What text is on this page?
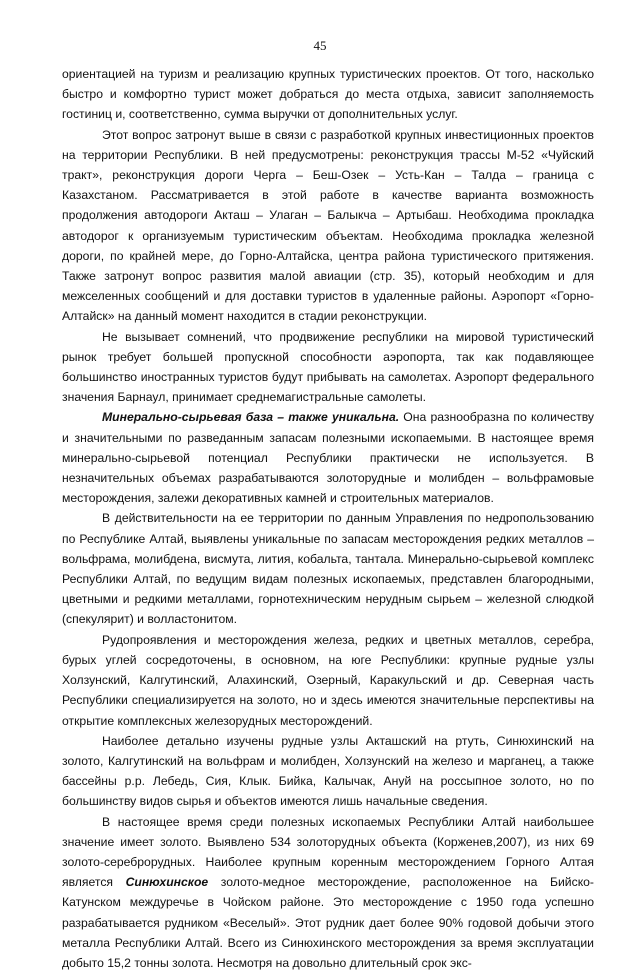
45

ориентацией на туризм и реализацию крупных туристических проектов. От того, насколько быстро и комфортно турист может добраться до места отдыха, зависит заполняемость гостиниц и, соответственно, сумма выручки от дополнительных услуг.

Этот вопрос затронут выше в связи с разработкой крупных инвестиционных проектов на территории Республики. В ней предусмотрены: реконструкция трассы М-52 «Чуйский тракт», реконструкция дороги Черга – Беш-Озек – Усть-Кан – Талда – граница с Казахстаном. Рассматривается в этой работе в качестве варианта возможность продолжения автодороги Акташ – Улаган – Балыкча – Артыбаш. Необходима прокладка автодорог к организуемым туристическим объектам. Необходима прокладка железной дороги, по крайней мере, до Горно-Алтайска, центра района туристического притяжения. Также затронут вопрос развития малой авиации (стр. 35), который необходим и для межселенных сообщений и для доставки туристов в удаленные районы. Аэропорт «Горно-Алтайск» на данный момент находится в стадии реконструкции.

Не вызывает сомнений, что продвижение республики на мировой туристический рынок требует большей пропускной способности аэропорта, так как подавляющее большинство иностранных туристов будут прибывать на самолетах. Аэропорт федерального значения Барнаул, принимает среднемагистральные самолеты.

Минерально-сырьевая база – также уникальна. Она разнообразна по количеству и значительными по разведанным запасам полезными ископаемыми. В настоящее время минерально-сырьевой потенциал Республики практически не используется. В незначительных объемах разрабатываются золоторудные и молибден – вольфрамовые месторождения, залежи декоративных камней и строительных материалов.

В действительности на ее территории по данным Управления по недропользованию по Республике Алтай, выявлены уникальные по запасам месторождения редких металлов – вольфрама, молибдена, висмута, лития, кобальта, тантала. Минерально-сырьевой комплекс Республики Алтай, по ведущим видам полезных ископаемых, представлен благородными, цветными и редкими металлами, горнотехническим нерудным сырьем – железной слюдкой (спекулярит) и волластонитом.

Рудопроявления и месторождения железа, редких и цветных металлов, серебра, бурых углей сосредоточены, в основном, на юге Республики: крупные рудные узлы Холзунский, Калгутинский, Алахинский, Озерный, Каракульский и др. Северная часть Республики специализируется на золото, но и здесь имеются значительные перспективы на открытие комплексных железорудных месторождений.

Наиболее детально изучены рудные узлы Акташский на ртуть, Синюхинский на золото, Калгутинский на вольфрам и молибден, Холзунский на железо и марганец, а также бассейны р.р. Лебедь, Сия, Клык. Бийка, Калычак, Ануй на россыпное золото, но по большинству видов сырья и объектов имеются лишь начальные сведения.

В настоящее время среди полезных ископаемых Республики Алтай наибольшее значение имеет золото. Выявлено 534 золоторудных объекта (Корженев,2007), из них 69 золото-сереброрудных. Наиболее крупным коренным месторождением Горного Алтая является Синюхинское золото-медное месторождение, расположенное на Бийско-Катунском междуречье в Чойском районе. Это месторождение с 1950 года успешно разрабатывается рудником «Веселый». Этот рудник дает более 90% годовой добычи этого металла Республики Алтай. Всего из Синюхинского месторождения за время эксплуатации добыто 15,2 тонны золота. Несмотря на довольно длительный срок экс-
